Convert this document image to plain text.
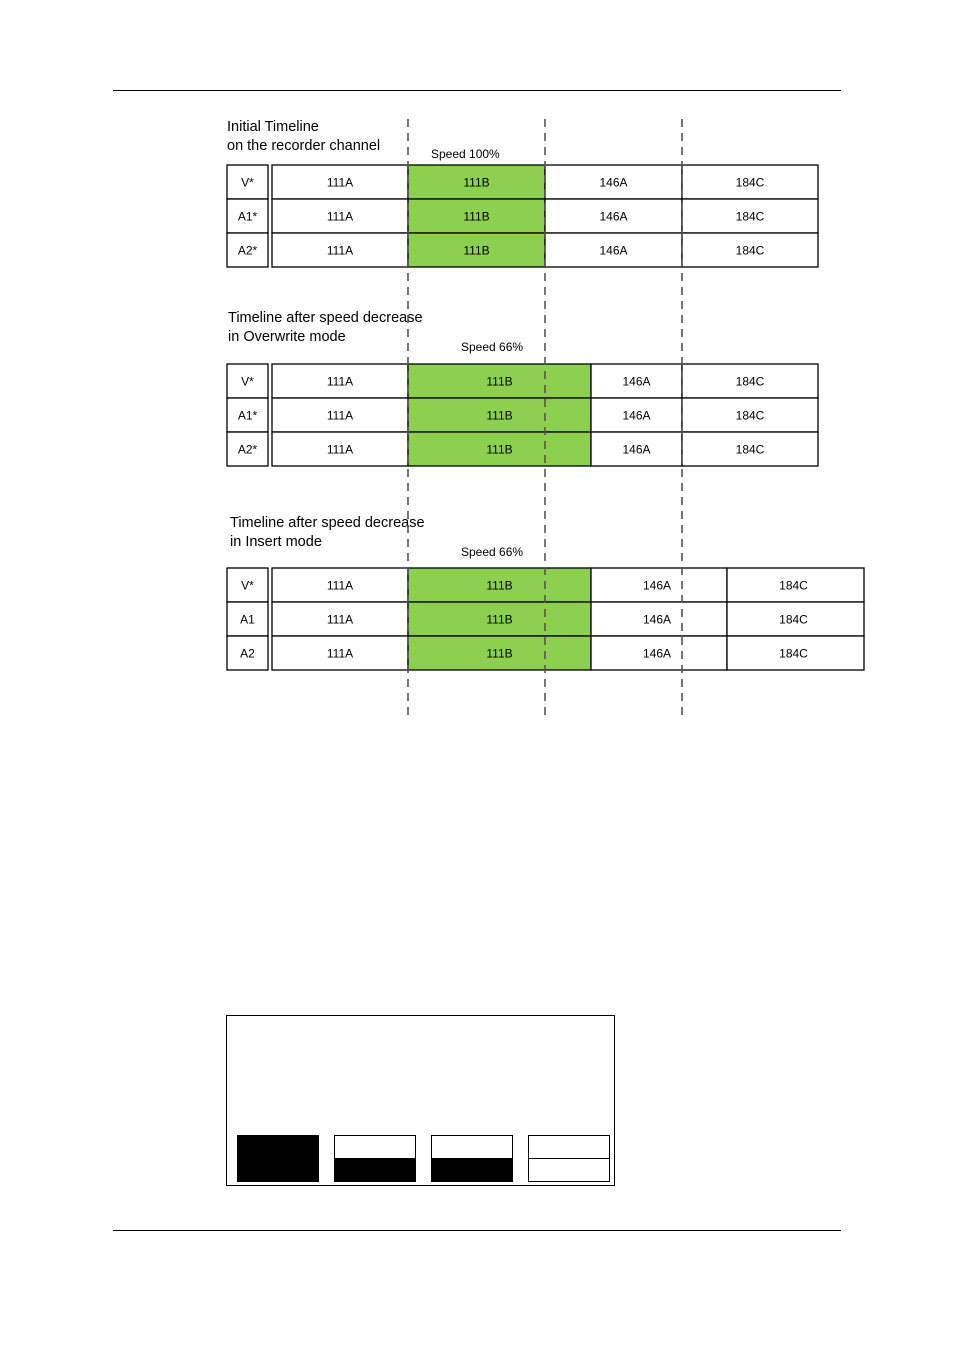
Initial Timeline
on the recorder channel	Speed 100%
V*	111A	111B	146A	184C
A1*	111A	111B	146A	184C
A2*	111A	111B	146A	184C
Timeline after speed decrease
in Overwrite mode
Speed 66%
V*	111A	111B	146A	184C
A1*	111A	111B	146A	184C
A2*	111A	111B	146A	184C
Timeline after speed decrease
in Insert mode
Speed 66%
V*	111A	111B	146A	184C
A1	111A	111B	146A	184C
A2	111A	111B	146A	184C
